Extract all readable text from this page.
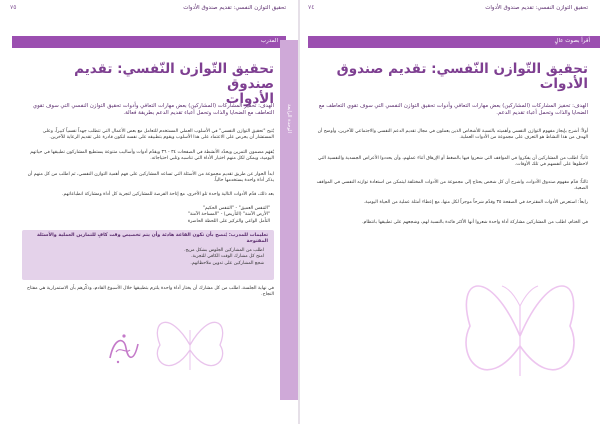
٧٥	تحقيق التوازن النفسي: تقديم صندوق الأدوات
المدرب
الوحدة الرابعة
تحقيق التّوازن النّفسي: تقديم صندوق
الأدوات
الهدف: تحفيز المشاركات (المشاركين) بعض مهارات التعافي وأدوات تحقيق التوازن النفسي التي سوف تقوي التعاطف مع الضحايا والذات وتحمل أعباء تقديم الدعم بطريقة فعالة.
يُتيح "تحقيق التوازن النفسي" في الأسلوب العملي المستخدم للتعامل مع بعض الأعمال التي تتطلب جهداً نفسياً كبيراً، وعلى المستشار أن يحرص على الاعتماد على هذا الأسلوب ويقوم بتطبيقه على نفسه لتكون قادرة على تقديم الرعاية للآخرين.
يُفهَم مضمون التمرين ويحدّد الأنشطة في الصفحات ٣٤ - ٣٦ ويقدّم أدوات وأساليب متنوعة يستطيع المشاركون تطبيقها في حياتهم اليومية، ويمكن لكل منهم اختيار الأداة التي تناسبه وتلبي احتياجاته.
ابدأ الحوار عن طريق تقديم مجموعة من الأسئلة التي تساعد المشاركين على فهم أهمية التوازن النفسي، ثم اطلب من كل منهم أن يذكر أداة واحدة يستخدمها حالياً.
بعد ذلك، قدّم الأدوات التالية واحدة تلو الأخرى، مع إتاحة الفرصة للمشاركين لتجربة كل أداة ومشاركة انطباعاتهم.
"التنفس العميق" - "التنفس الحكيم"
"الأرض الآمنة" (التأريض) - "المساحة الآمنة"
التأمل الواعي والتركيز على اللحظة الحاضرة
تعليمات للمدرب: يُنصح بأن تكون القاعة هادئة وأن يتم تخصيص وقت كافٍ للتمارين العملية والأسئلة المفتوحة
اطلب من المشاركين الجلوس بشكل مريح.
امنح كل مشارك الوقت الكافي للتجربة.
شجع المشاركين على تدوين ملاحظاتهم.
في نهاية الجلسة، اطلب من كل مشارك أن يختار أداة واحدة يلتزم بتطبيقها خلال الأسبوع القادم، وذكّرهم بأن الاستمرارية هي مفتاح النجاح.
٧٤	تحقيق التوازن النفسي: تقديم صندوق الأدوات
أقرأ بصوت عالٍ
تحقيق التّوازن النّفسي: تقديم صندوق
الأدوات
الهدف: تحفيز المشاركات (المشاركين) بعض مهارات التعافي وأدوات تحقيق التوازن النفسي التي سوف تقوي التعاطف مع الضحايا والذات وتحمل أعباء تقديم الدعم.
أولاً: أشرح بإيجاز مفهوم التوازن النفسي وأهميته بالنسبة للأشخاص الذين يعملون في مجال تقديم الدعم النفسي والاجتماعي للآخرين، وأوضح أن الهدف من هذا النشاط هو التعرف على مجموعة من الأدوات العملية.
ثانياً: اطلب من المشاركين أن يفكروا في المواقف التي شعروا فيها بالضغط أو الإرهاق أثناء عملهم، وأن يحددوا الأعراض الجسدية والنفسية التي لاحظوها على أنفسهم في تلك الأوقات.
ثالثاً: قدّم مفهوم صندوق الأدوات، واشرح أن كل شخص يحتاج إلى مجموعة من الأدوات المختلفة ليتمكن من استعادة توازنه النفسي في المواقف الصعبة.
رابعاً: استعرض الأدوات المقترحة في الصفحة ٣٥ وقدّم شرحاً موجزاً لكل منها، مع إعطاء أمثلة عملية من الحياة اليومية.
في الختام، اطلب من المشاركين مشاركة أداة واحدة شعروا أنها الأكثر فائدة بالنسبة لهم، وشجعهم على تطبيقها بانتظام.
